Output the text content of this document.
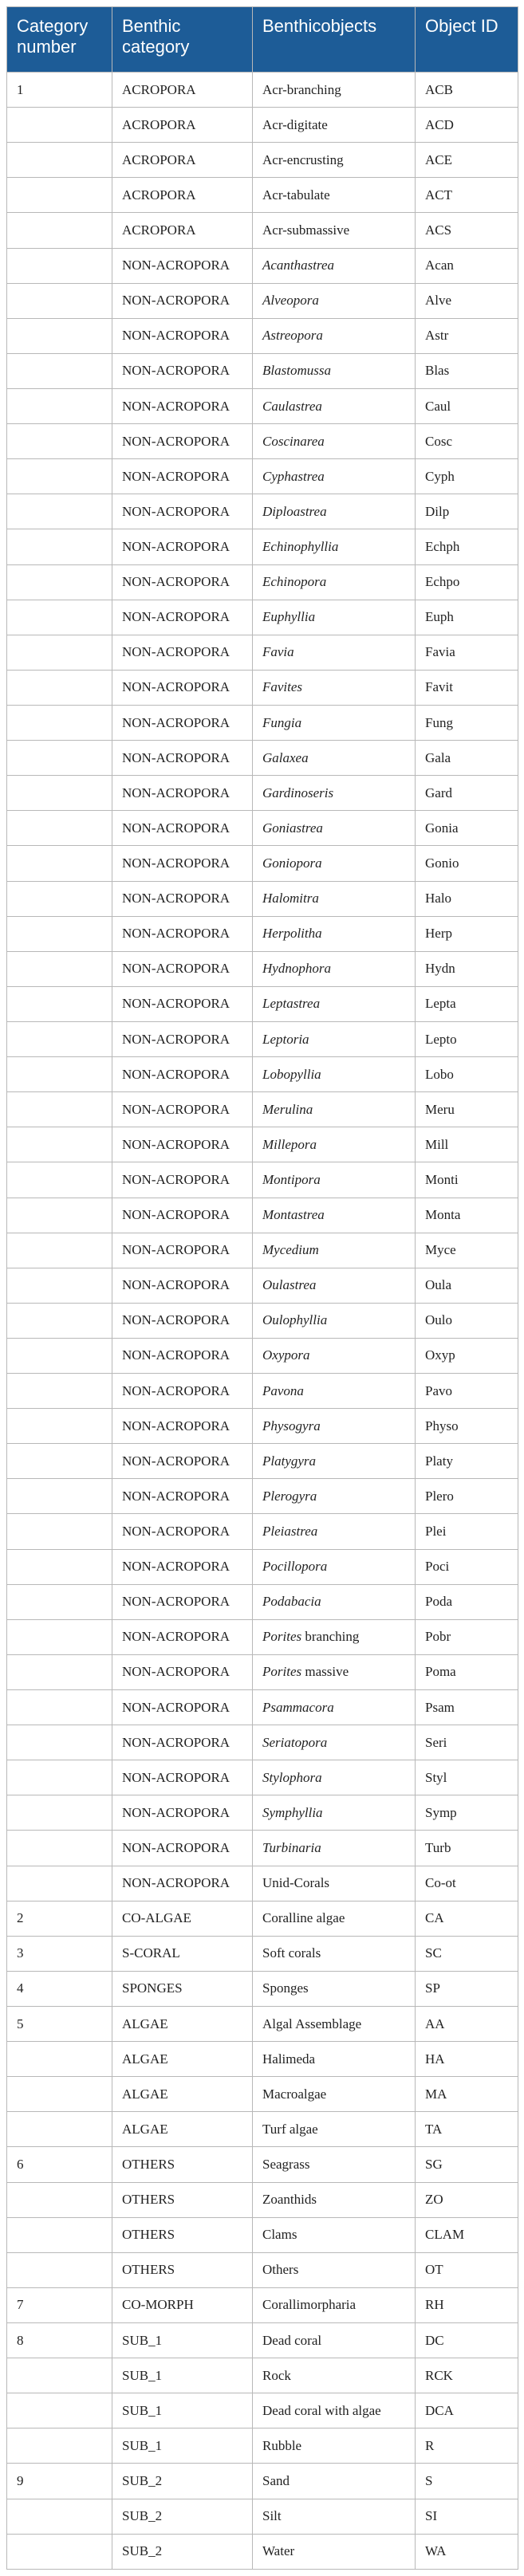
Category number	Benthic category	Benthicobjects	Object ID
1	ACROPORA	Acr-branching	ACB
	ACROPORA	Acr-digitate	ACD
	ACROPORA	Acr-encrusting	ACE
	ACROPORA	Acr-tabulate	ACT
	ACROPORA	Acr-submassive	ACS
	NON-ACROPORA	Acanthastrea	Acan
	NON-ACROPORA	Alveopora	Alve
	NON-ACROPORA	Astreopora	Astr
	NON-ACROPORA	Blastomussa	Blas
	NON-ACROPORA	Caulastrea	Caul
	NON-ACROPORA	Coscinarea	Cosc
	NON-ACROPORA	Cyphastrea	Cyph
	NON-ACROPORA	Diploastrea	Dilp
	NON-ACROPORA	Echinophyllia	Echph
	NON-ACROPORA	Echinopora	Echpo
	NON-ACROPORA	Euphyllia	Euph
	NON-ACROPORA	Favia	Favia
	NON-ACROPORA	Favites	Favit
	NON-ACROPORA	Fungia	Fung
	NON-ACROPORA	Galaxea	Gala
	NON-ACROPORA	Gardinoseris	Gard
	NON-ACROPORA	Goniastrea	Gonia
	NON-ACROPORA	Goniopora	Gonio
	NON-ACROPORA	Halomitra	Halo
	NON-ACROPORA	Herpolitha	Herp
	NON-ACROPORA	Hydnophora	Hydn
	NON-ACROPORA	Leptastrea	Lepta
	NON-ACROPORA	Leptoria	Lepto
	NON-ACROPORA	Lobopyllia	Lobo
	NON-ACROPORA	Merulina	Meru
	NON-ACROPORA	Millepora	Mill
	NON-ACROPORA	Montipora	Monti
	NON-ACROPORA	Montastrea	Monta
	NON-ACROPORA	Mycedium	Myce
	NON-ACROPORA	Oulastrea	Oula
	NON-ACROPORA	Oulophyllia	Oulo
	NON-ACROPORA	Oxypora	Oxyp
	NON-ACROPORA	Pavona	Pavo
	NON-ACROPORA	Physogyra	Physo
	NON-ACROPORA	Platygyra	Platy
	NON-ACROPORA	Plerogyra	Plero
	NON-ACROPORA	Pleiastrea	Plei
	NON-ACROPORA	Pocillopora	Poci
	NON-ACROPORA	Podabacia	Poda
	NON-ACROPORA	Porites branching	Pobr
	NON-ACROPORA	Porites massive	Poma
	NON-ACROPORA	Psammacora	Psam
	NON-ACROPORA	Seriatopora	Seri
	NON-ACROPORA	Stylophora	Styl
	NON-ACROPORA	Symphyllia	Symp
	NON-ACROPORA	Turbinaria	Turb
	NON-ACROPORA	Unid-Corals	Co-ot
2	CO-ALGAE	Coralline algae	CA
3	S-CORAL	Soft corals	SC
4	SPONGES	Sponges	SP
5	ALGAE	Algal Assemblage	AA
	ALGAE	Halimeda	HA
	ALGAE	Macroalgae	MA
	ALGAE	Turf algae	TA
6	OTHERS	Seagrass	SG
	OTHERS	Zoanthids	ZO
	OTHERS	Clams	CLAM
	OTHERS	Others	OT
7	CO-MORPH	Corallimorpharia	RH
8	SUB_1	Dead coral	DC
	SUB_1	Rock	RCK
	SUB_1	Dead coral with algae	DCA
	SUB_1	Rubble	R
9	SUB_2	Sand	S
	SUB_2	Silt	SI
	SUB_2	Water	WA
